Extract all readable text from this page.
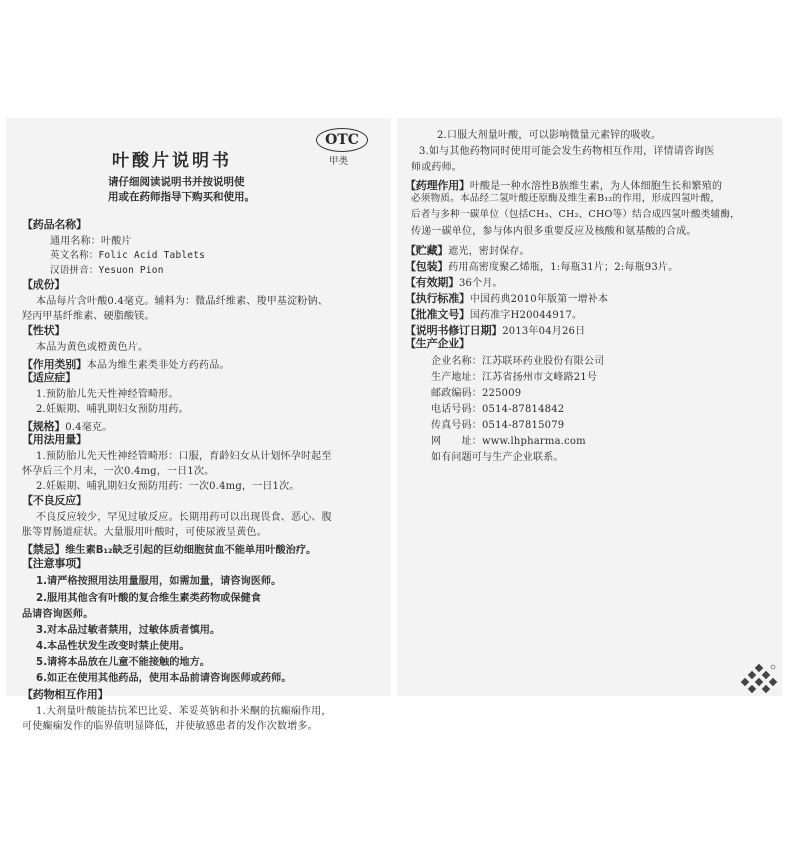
OTC
甲类
叶酸片说明书
请仔细阅读说明书并按说明使
用或在药师指导下购买和使用。
【药品名称】
通用名称：叶酸片
英文名称：Folic Acid Tablets
汉语拼音：Yesuon Pion
【成份】
本品每片含叶酸0.4毫克。辅料为：微晶纤维素、羧甲基淀粉钠、
羟丙甲基纤维素、硬脂酸镁。
【性状】
本品为黄色或橙黄色片。
【作用类别】本品为维生素类非处方药药品。
【适应症】
1.预防胎儿先天性神经管畸形。
2.妊娠期、哺乳期妇女预防用药。
【规格】0.4毫克。
【用法用量】
1.预防胎儿先天性神经管畸形：口服，育龄妇女从计划怀孕时起至
怀孕后三个月末，一次0.4mg，一日1次。
2.妊娠期、哺乳期妇女预防用药：一次0.4mg，一日1次。
【不良反应】
不良反应较少，罕见过敏反应。长期用药可以出现畏食、恶心、腹
胀等胃肠道症状。大量服用叶酸时，可使尿液呈黄色。
【禁忌】维生素B₁₂缺乏引起的巨幼细胞贫血不能单用叶酸治疗。
【注意事项】
1.请严格按照用法用量服用，如需加量，请咨询医师。
2.服用其他含有叶酸的复合维生素类药物或保健食
品请咨询医师。
3.对本品过敏者禁用，过敏体质者慎用。
4.本品性状发生改变时禁止使用。
5.请将本品放在儿童不能接触的地方。
6.如正在使用其他药品，使用本品前请咨询医师或药师。
【药物相互作用】
1.大剂量叶酸能拮抗苯巴比妥、苯妥英钠和扑米酮的抗癫痫作用，
可使癫痫发作的临界值明显降低，并使敏感患者的发作次数增多。
2.口服大剂量叶酸，可以影响微量元素锌的吸收。
3.如与其他药物同时使用可能会发生药物相互作用，详情请咨询医
师或药师。
【药理作用】叶酸是一种水溶性B族维生素，为人体细胞生长和繁殖的
必须物质。本品经二氢叶酸还原酶及维生素B₁₂的作用，形成四氢叶酸，
后者与多种一碳单位（包括CH₃、CH₂、CHO等）结合成四氢叶酸类辅酶，
传递一碳单位，参与体内很多重要反应及核酸和氨基酸的合成。
【贮藏】遮光，密封保存。
【包装】药用高密度聚乙烯瓶，1:每瓶31片；2:每瓶93片。
【有效期】36个月。
【执行标准】中国药典2010年版第一增补本
【批准文号】国药准字H20044917。
【说明书修订日期】2013年04月26日
【生产企业】
企业名称：江苏联环药业股份有限公司
生产地址：江苏省扬州市文峰路21号
邮政编码：225009
电话号码：0514-87814842
传真号码：0514-87815079
网　　址：www.lhpharma.com
如有问题可与生产企业联系。
